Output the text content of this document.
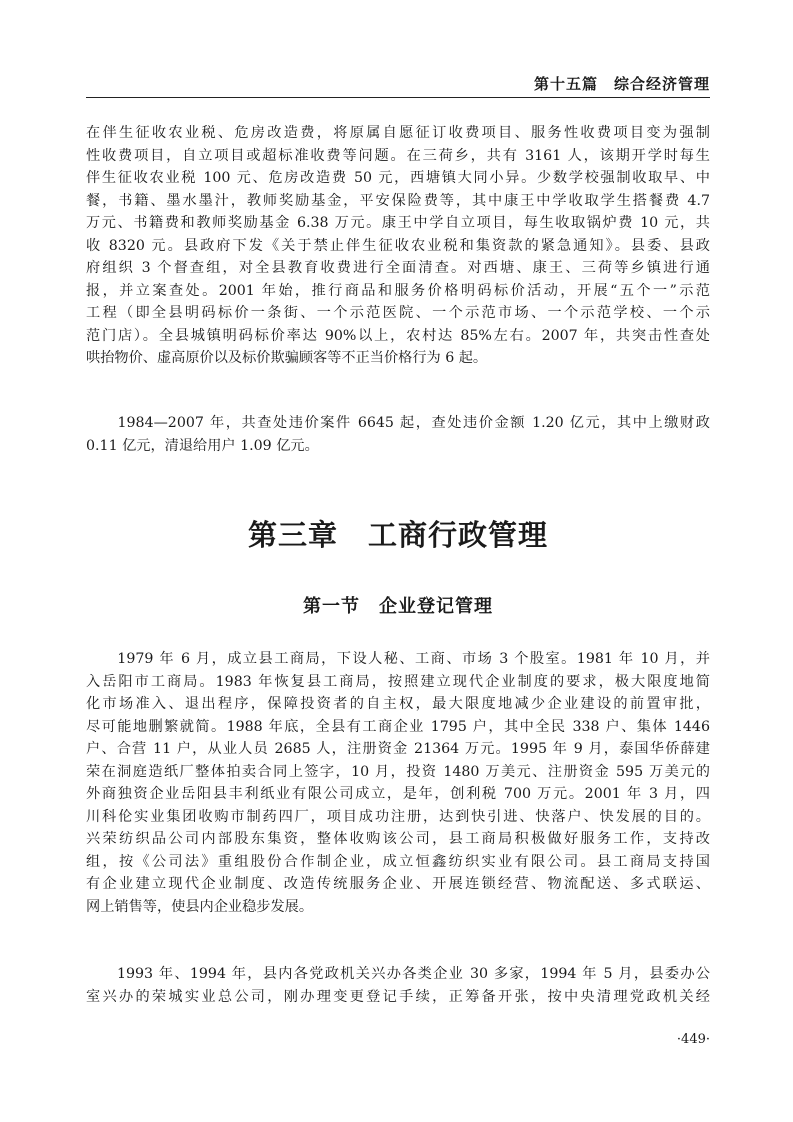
第十五篇　综合经济管理
在伴生征收农业税、危房改造费，将原属自愿征订收费项目、服务性收费项目变为强制
性收费项目，自立项目或超标准收费等问题。在三荷乡，共有 3161 人，该期开学时每生
伴生征收农业税 100 元、危房改造费 50 元，西塘镇大同小异。少数学校强制收取早、中
餐，书籍、墨水墨汁，教师奖励基金，平安保险费等，其中康王中学收取学生搭餐费 4.7
万元、书籍费和教师奖励基金 6.38 万元。康王中学自立项目，每生收取锅炉费 10 元，共
收 8320 元。县政府下发《关于禁止伴生征收农业税和集资款的紧急通知》。县委、县政
府组织 3 个督查组，对全县教育收费进行全面清查。对西塘、康王、三荷等乡镇进行通
报，并立案查处。2001 年始，推行商品和服务价格明码标价活动，开展“五个一”示范
工程（即全县明码标价一条街、一个示范医院、一个示范市场、一个示范学校、一个示
范门店）。全县城镇明码标价率达 90%以上，农村达 85%左右。2007 年，共突击性查处
哄抬物价、虚高原价以及标价欺骗顾客等不正当价格行为 6 起。
　　1984—2007 年，共查处违价案件 6645 起，查处违价金额 1.20 亿元，其中上缴财政
0.11 亿元，清退给用户 1.09 亿元。
第三章　工商行政管理
第一节　企业登记管理
　　1979 年 6 月，成立县工商局，下设人秘、工商、市场 3 个股室。1981 年 10 月，并
入岳阳市工商局。1983 年恢复县工商局，按照建立现代企业制度的要求，极大限度地简
化市场准入、退出程序，保障投资者的自主权，最大限度地减少企业建设的前置审批，
尽可能地删繁就简。1988 年底，全县有工商企业 1795 户，其中全民 338 户、集体 1446
户、合营 11 户，从业人员 2685 人，注册资金 21364 万元。1995 年 9 月，泰国华侨薛建
荣在洞庭造纸厂整体拍卖合同上签字，10 月，投资 1480 万美元、注册资金 595 万美元的
外商独资企业岳阳县丰利纸业有限公司成立，是年，创利税 700 万元。2001 年 3 月，四
川科伦实业集团收购市制药四厂，项目成功注册，达到快引进、快落户、快发展的目的。
兴荣纺织品公司内部股东集资，整体收购该公司，县工商局积极做好服务工作，支持改
组，按《公司法》重组股份合作制企业，成立恒鑫纺织实业有限公司。县工商局支持国
有企业建立现代企业制度、改造传统服务企业、开展连锁经营、物流配送、多式联运、
网上销售等，使县内企业稳步发展。
　　1993 年、1994 年，县内各党政机关兴办各类企业 30 多家，1994 年 5 月，县委办公
室兴办的荣城实业总公司，刚办理变更登记手续，正筹备开张，按中央清理党政机关经
·449·
